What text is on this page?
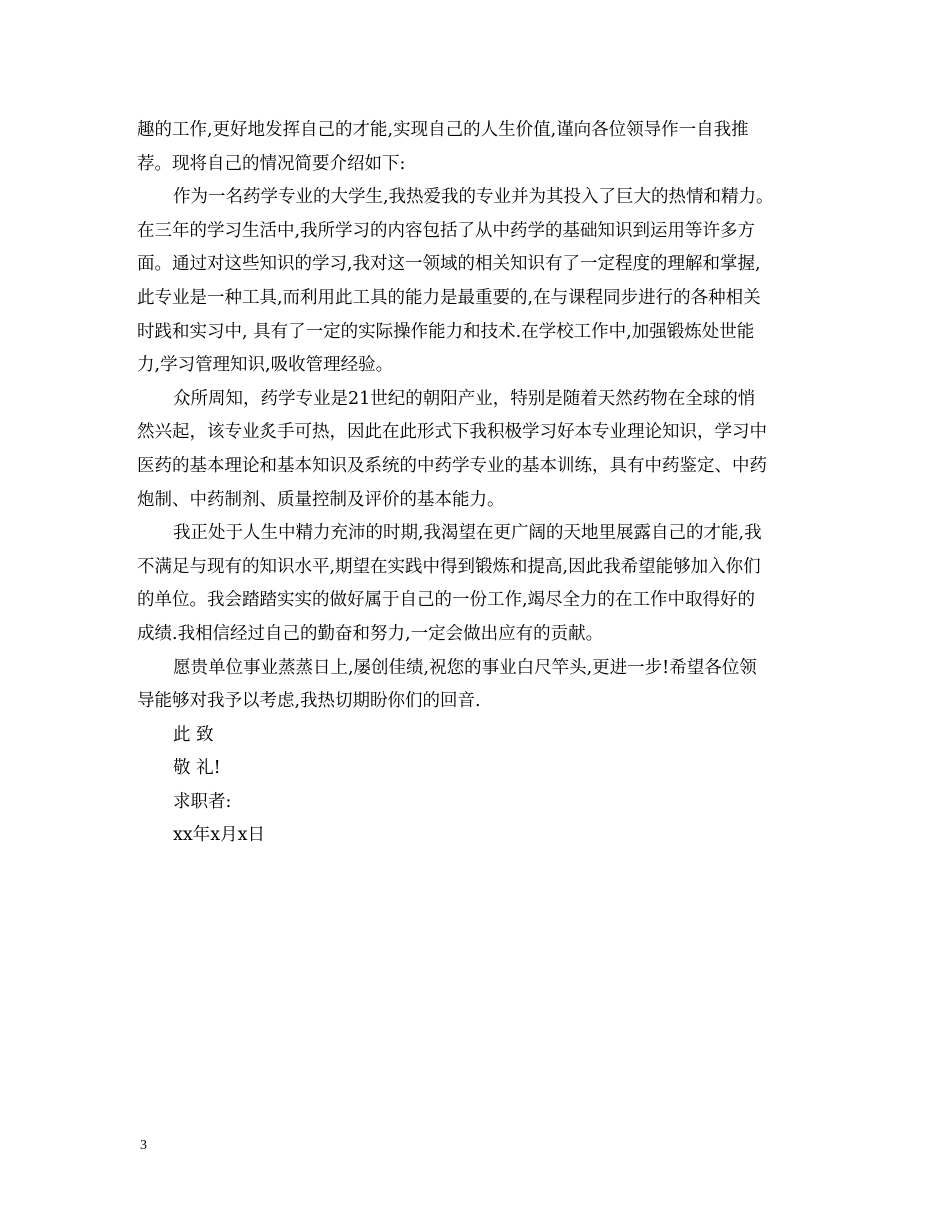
趣的工作,更好地发挥自己的才能,实现自己的人生价值,谨向各位领导作一自我推
荐。现将自己的情况简要介绍如下:
作为一名药学专业的大学生,我热爱我的专业并为其投入了巨大的热情和精力。
在三年的学习生活中,我所学习的内容包括了从中药学的基础知识到运用等许多方
面。通过对这些知识的学习,我对这一领域的相关知识有了一定程度的理解和掌握,
此专业是一种工具,而利用此工具的能力是最重要的,在与课程同步进行的各种相关
时践和实习中, 具有了一定的实际操作能力和技术.在学校工作中,加强锻炼处世能
力,学习管理知识,吸收管理经验。
众所周知，药学专业是21世纪的朝阳产业，特别是随着天然药物在全球的悄
然兴起，该专业炙手可热，因此在此形式下我积极学习好本专业理论知识，学习中
医药的基本理论和基本知识及系统的中药学专业的基本训练，具有中药鉴定、中药
炮制、中药制剂、质量控制及评价的基本能力。
我正处于人生中精力充沛的时期,我渴望在更广阔的天地里展露自己的才能,我
不满足与现有的知识水平,期望在实践中得到锻炼和提高,因此我希望能够加入你们
的单位。我会踏踏实实的做好属于自己的一份工作,竭尽全力的在工作中取得好的
成绩.我相信经过自己的勤奋和努力,一定会做出应有的贡献。
愿贵单位事业蒸蒸日上,屡创佳绩,祝您的事业白尺竿头,更进一步!希望各位领
导能够对我予以考虑,我热切期盼你们的回音.
此 致
敬 礼!
求职者:
xx年x月x日
3
